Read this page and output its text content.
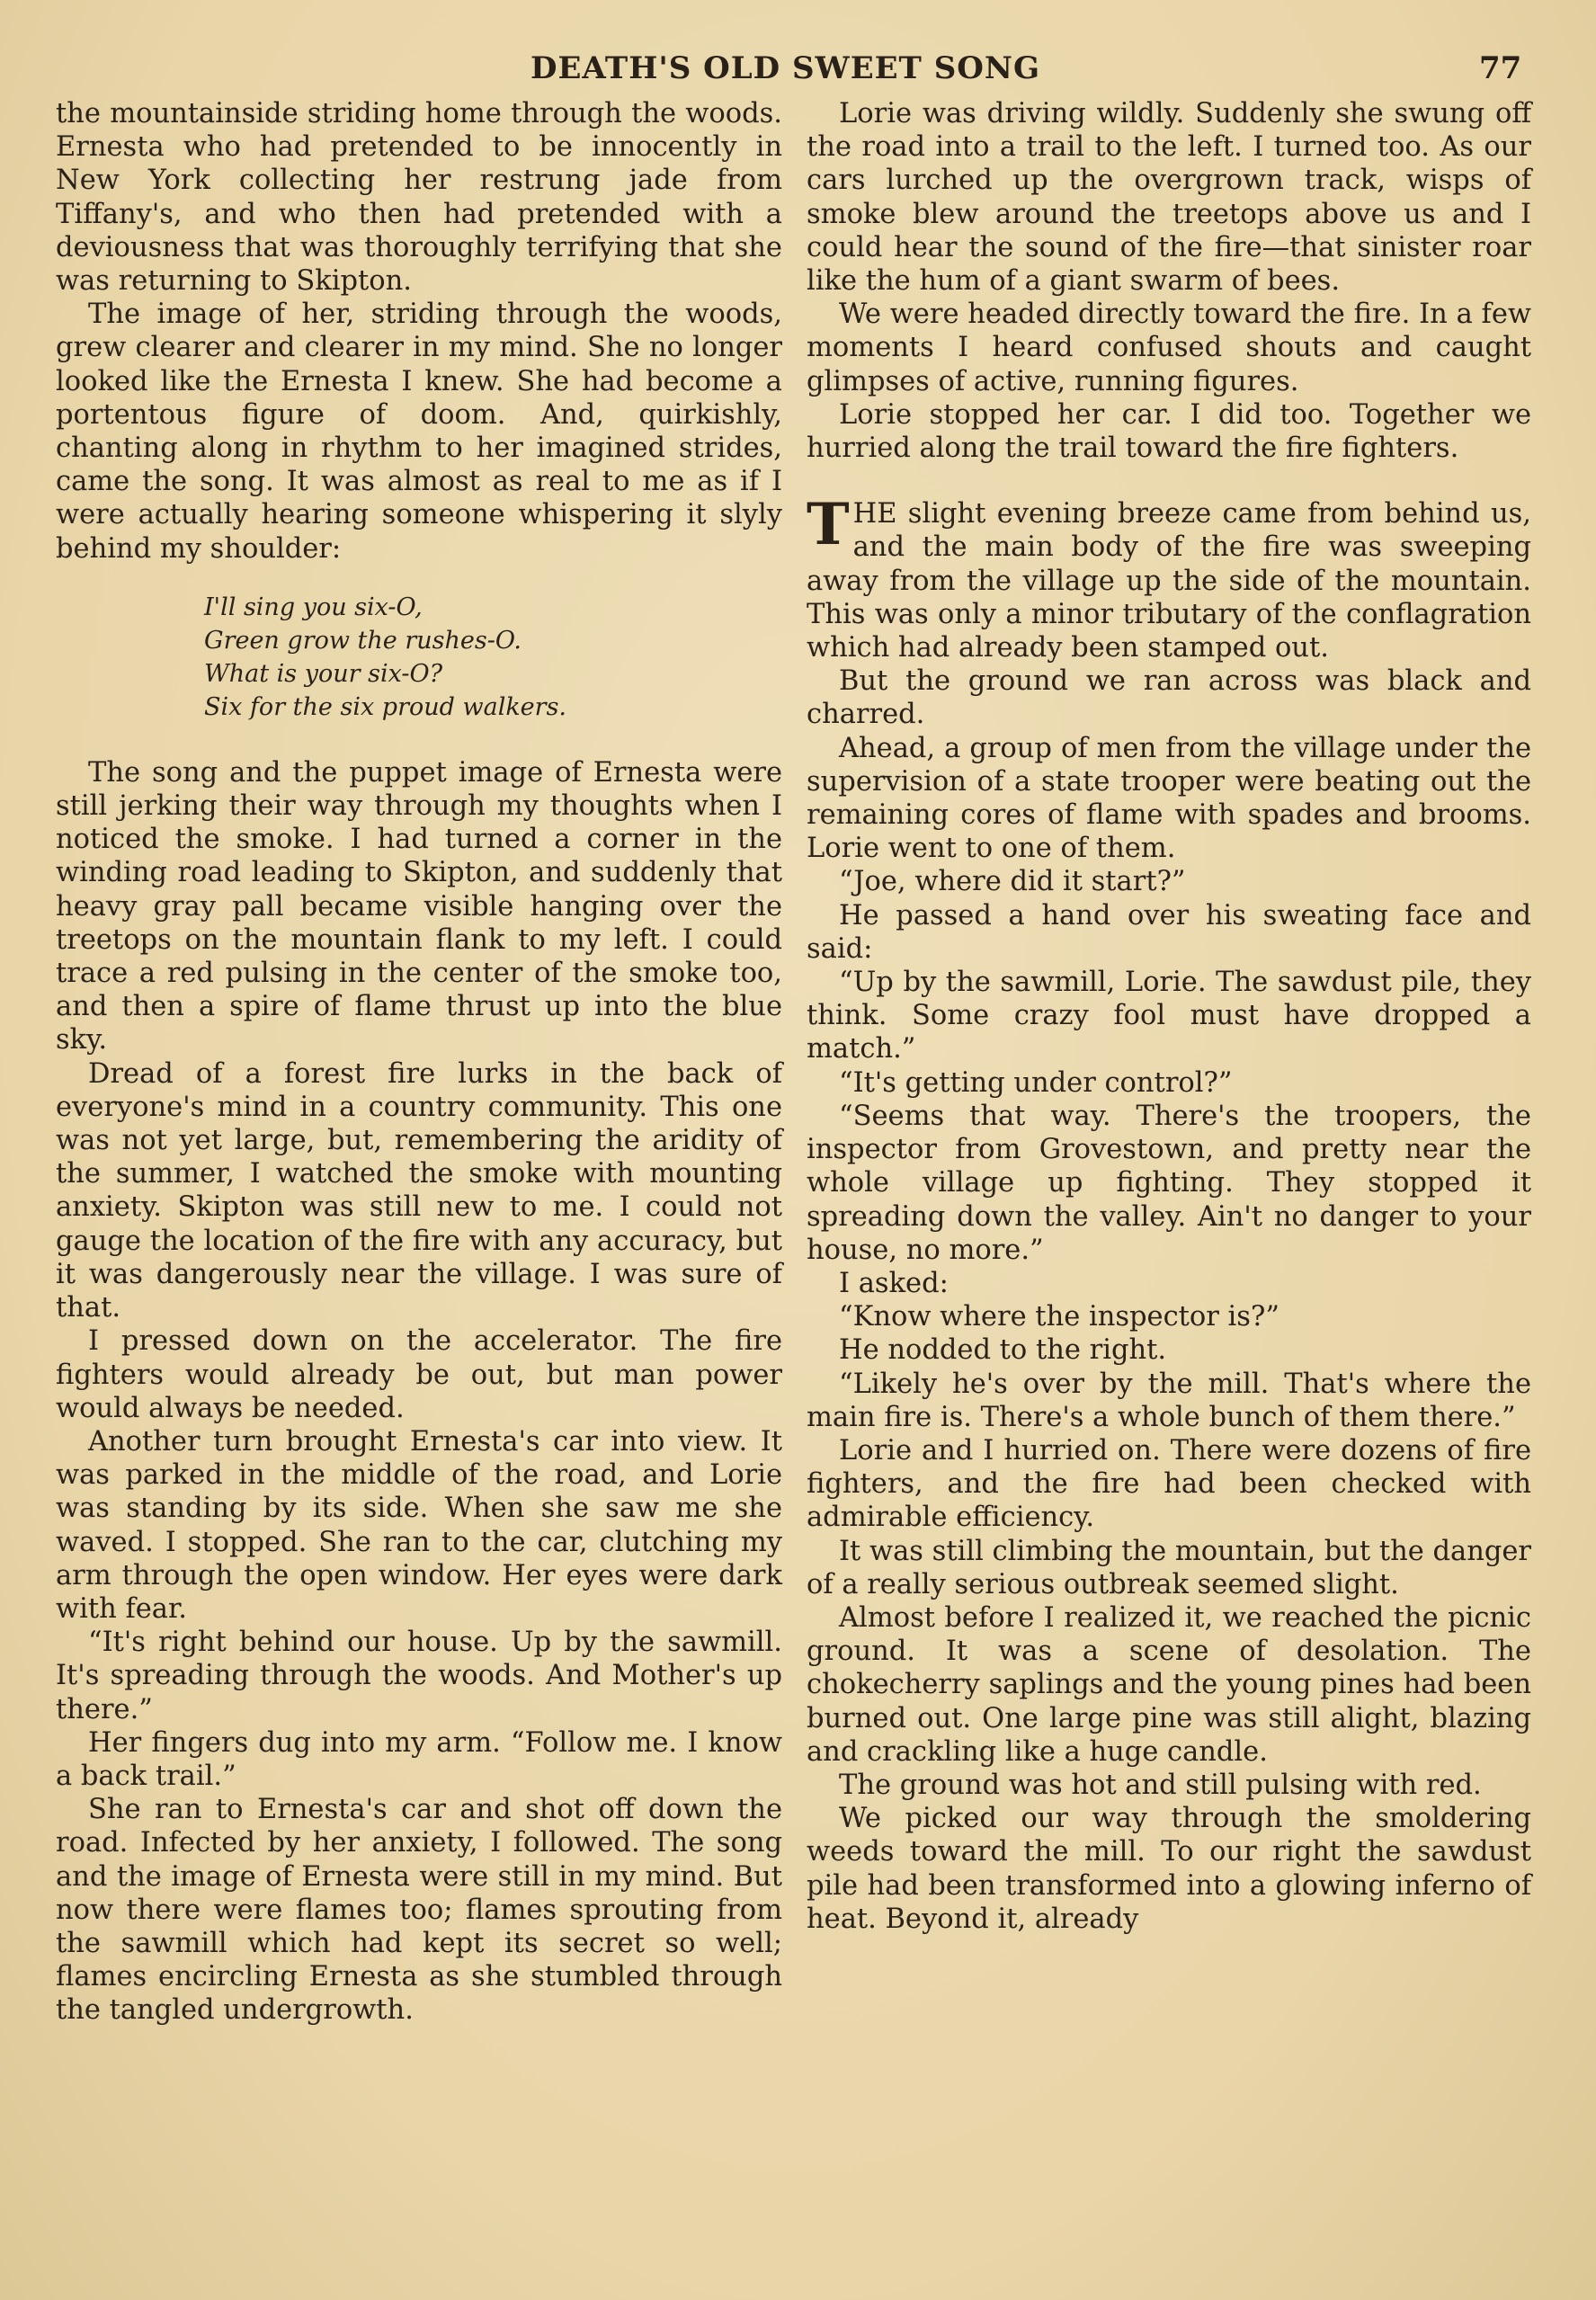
DEATH'S OLD SWEET SONG	77

the mountainside striding home through the woods. Ernesta who had pretended to be innocently in New York collecting her restrung jade from Tiffany's, and who then had pretended with a deviousness that was thoroughly terrifying that she was returning to Skipton.

The image of her, striding through the woods, grew clearer and clearer in my mind. She no longer looked like the Ernesta I knew. She had become a portentous figure of doom. And, quirkishly, chanting along in rhythm to her imagined strides, came the song. It was almost as real to me as if I were actually hearing someone whispering it slyly behind my shoulder:

I'll sing you six-O,
Green grow the rushes-O.
What is your six-O?
Six for the six proud walkers.

The song and the puppet image of Ernesta were still jerking their way through my thoughts when I noticed the smoke. I had turned a corner in the winding road leading to Skipton, and suddenly that heavy gray pall became visible hanging over the treetops on the mountain flank to my left. I could trace a red pulsing in the center of the smoke too, and then a spire of flame thrust up into the blue sky.

Dread of a forest fire lurks in the back of everyone's mind in a country community. This one was not yet large, but, remembering the aridity of the summer, I watched the smoke with mounting anxiety. Skipton was still new to me. I could not gauge the location of the fire with any accuracy, but it was dangerously near the village. I was sure of that.

I pressed down on the accelerator. The fire fighters would already be out, but man power would always be needed.

Another turn brought Ernesta's car into view. It was parked in the middle of the road, and Lorie was standing by its side. When she saw me she waved. I stopped. She ran to the car, clutching my arm through the open window. Her eyes were dark with fear.

“It's right behind our house. Up by the sawmill. It's spreading through the woods. And Mother's up there.”

Her fingers dug into my arm. “Follow me. I know a back trail.”

She ran to Ernesta's car and shot off down the road. Infected by her anxiety, I followed. The song and the image of Ernesta were still in my mind. But now there were flames too; flames sprouting from the sawmill which had kept its secret so well; flames encircling Ernesta as she stumbled through the tangled undergrowth.

Lorie was driving wildly. Suddenly she swung off the road into a trail to the left. I turned too. As our cars lurched up the overgrown track, wisps of smoke blew around the treetops above us and I could hear the sound of the fire—that sinister roar like the hum of a giant swarm of bees.

We were headed directly toward the fire. In a few moments I heard confused shouts and caught glimpses of active, running figures.

Lorie stopped her car. I did too. Together we hurried along the trail toward the fire fighters.

THE slight evening breeze came from behind us, and the main body of the fire was sweeping away from the village up the side of the mountain. This was only a minor tributary of the conflagration which had already been stamped out.

But the ground we ran across was black and charred.

Ahead, a group of men from the village under the supervision of a state trooper were beating out the remaining cores of flame with spades and brooms. Lorie went to one of them.

“Joe, where did it start?”

He passed a hand over his sweating face and said:

“Up by the sawmill, Lorie. The sawdust pile, they think. Some crazy fool must have dropped a match.”

“It's getting under control?”

“Seems that way. There's the troopers, the inspector from Grovestown, and pretty near the whole village up fighting. They stopped it spreading down the valley. Ain't no danger to your house, no more.”

I asked:

“Know where the inspector is?”

He nodded to the right.

“Likely he's over by the mill. That's where the main fire is. There's a whole bunch of them there.”

Lorie and I hurried on. There were dozens of fire fighters, and the fire had been checked with admirable efficiency.

It was still climbing the mountain, but the danger of a really serious outbreak seemed slight.

Almost before I realized it, we reached the picnic ground. It was a scene of desolation. The chokecherry saplings and the young pines had been burned out. One large pine was still alight, blazing and crackling like a huge candle.

The ground was hot and still pulsing with red.

We picked our way through the smoldering weeds toward the mill. To our right the sawdust pile had been transformed into a glowing inferno of heat. Beyond it, already
